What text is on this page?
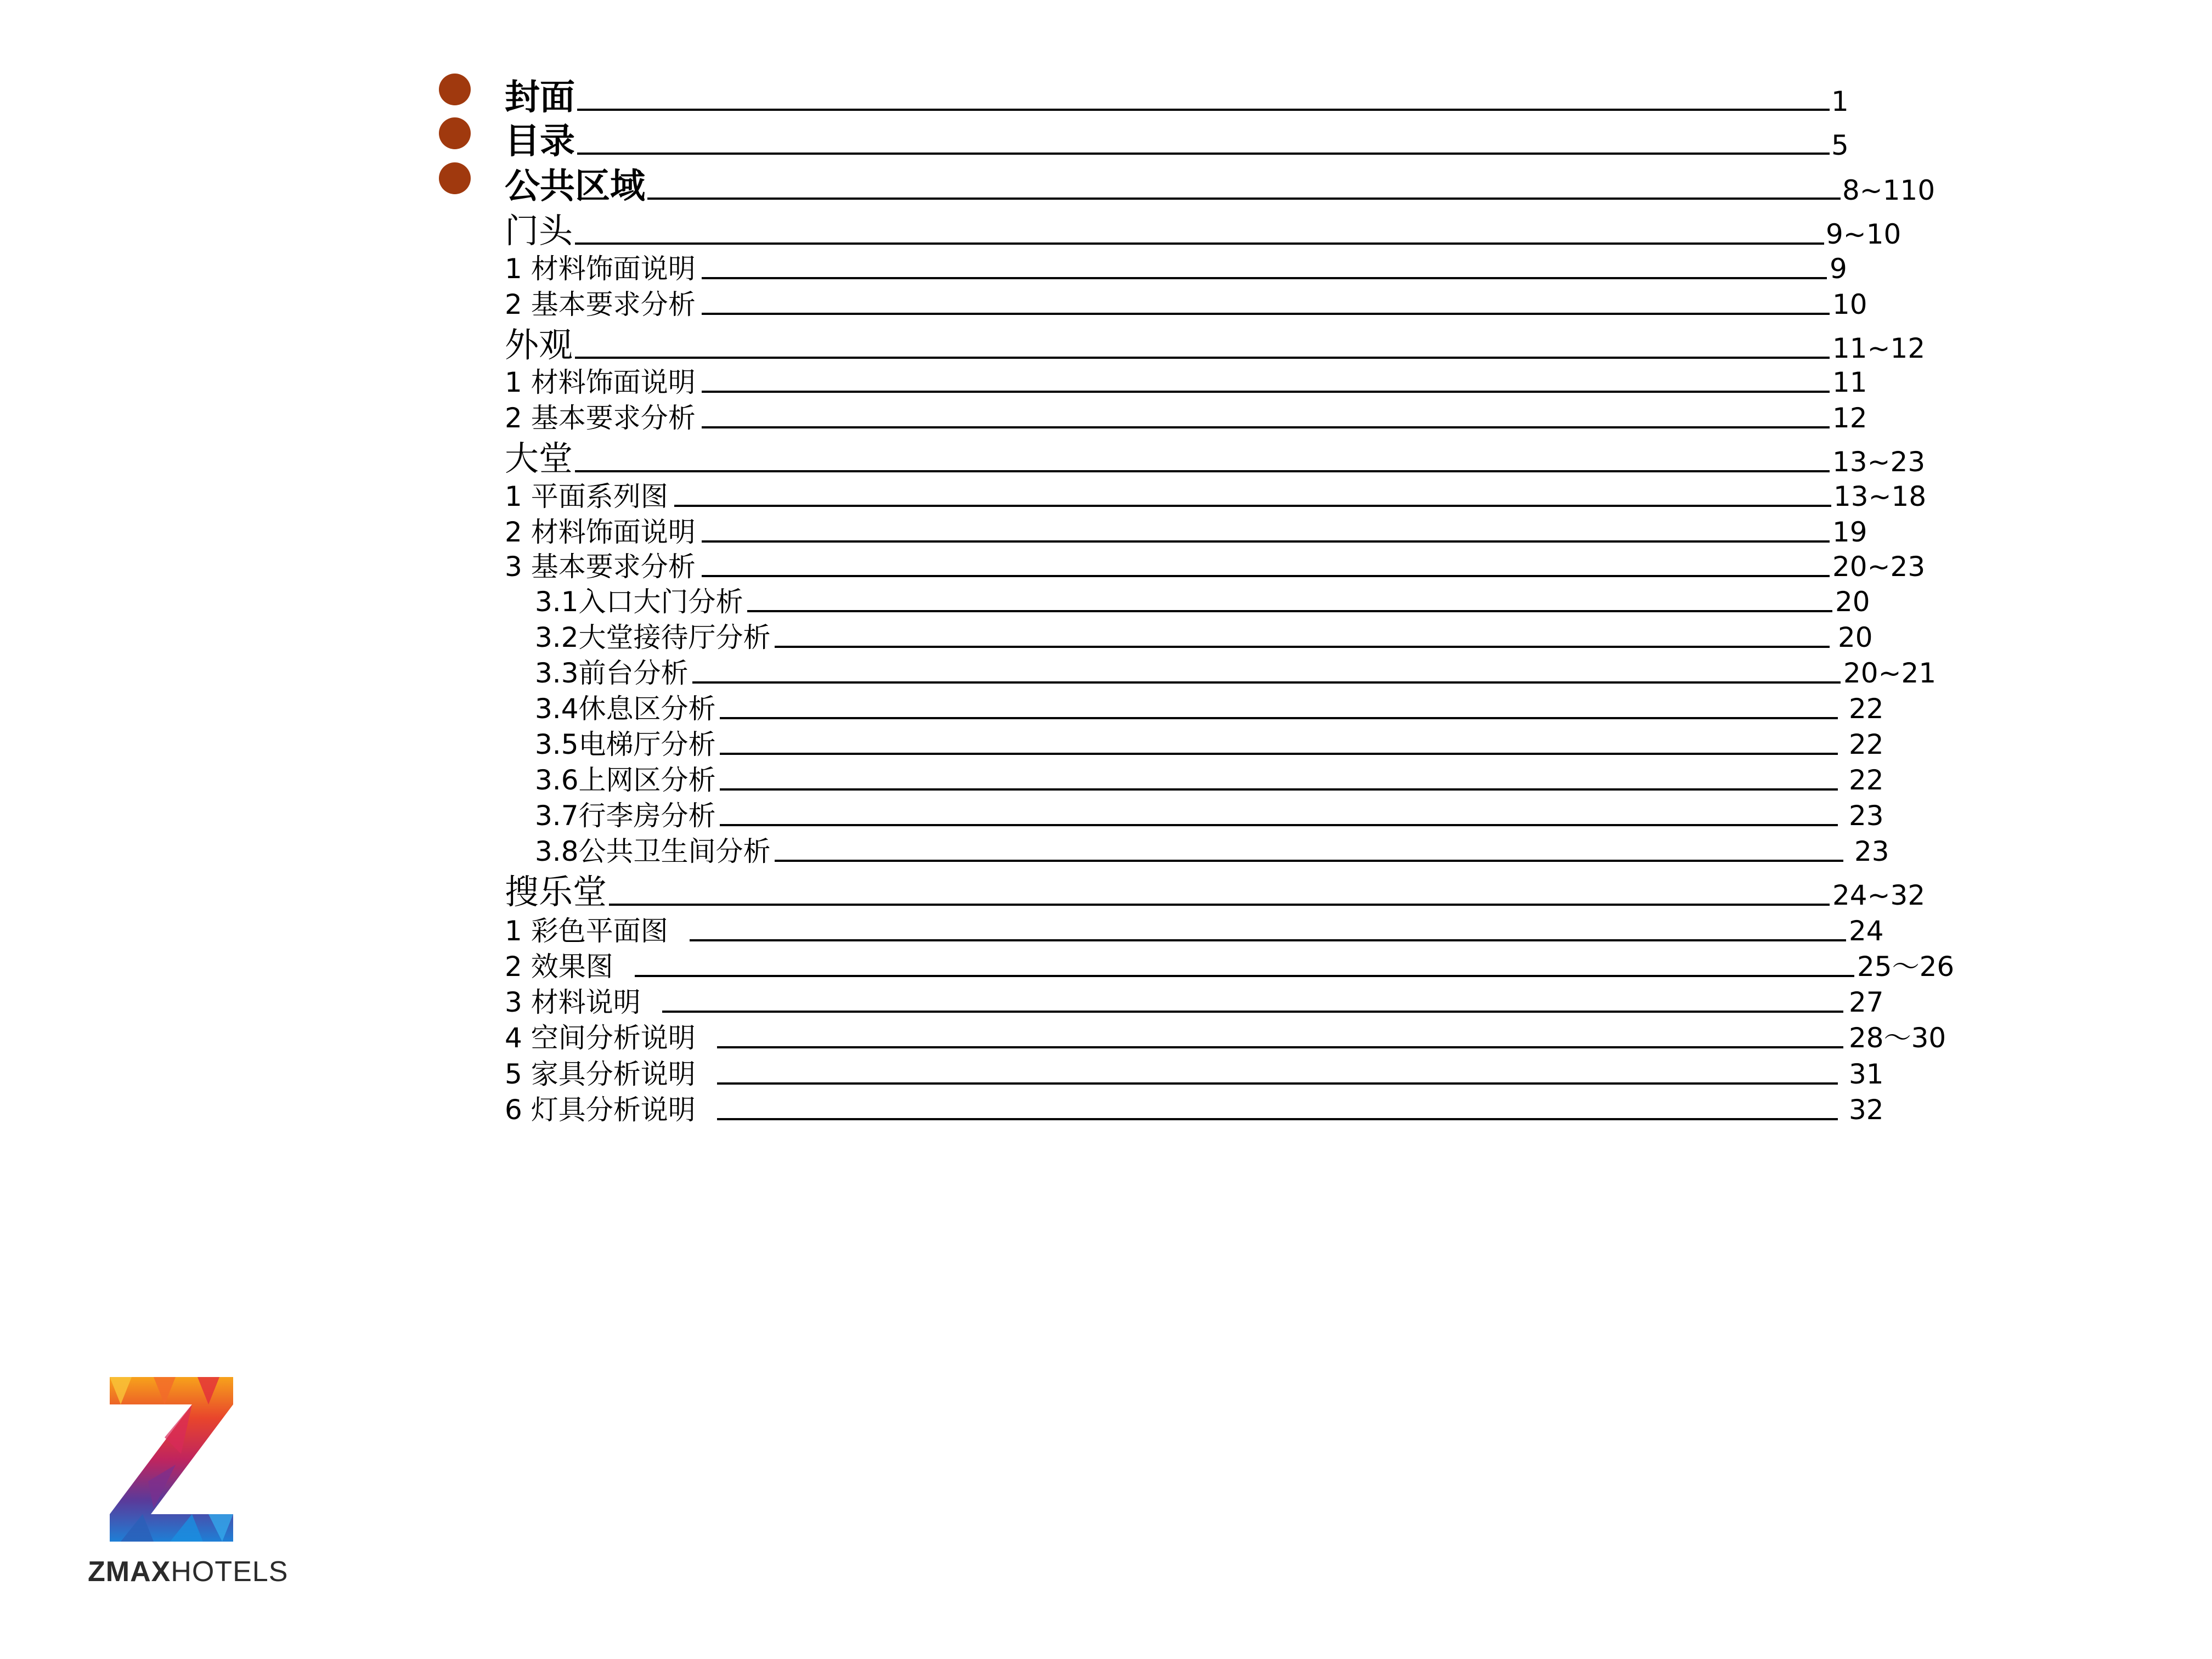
封面	1
目录	5
公共区域	8~110
门头	9~10
1 材料饰面说明	9
2 基本要求分析	10
外观	11~12
1 材料饰面说明	11
2 基本要求分析	12
大堂	13~23
1 平面系列图	13~18
2 材料饰面说明	19
3 基本要求分析	20~23
3.1入口大门分析	20
3.2大堂接待厅分析	20
3.3前台分析	20~21
3.4休息区分析	22
3.5电梯厅分析	22
3.6上网区分析	22
3.7行李房分析	23
3.8公共卫生间分析	23
搜乐堂	24~32
1 彩色平面图	24
2 效果图	25～26
3 材料说明	27
4 空间分析说明	28～30
5 家具分析说明	31
6 灯具分析说明	32
ZMAXHOTELS
